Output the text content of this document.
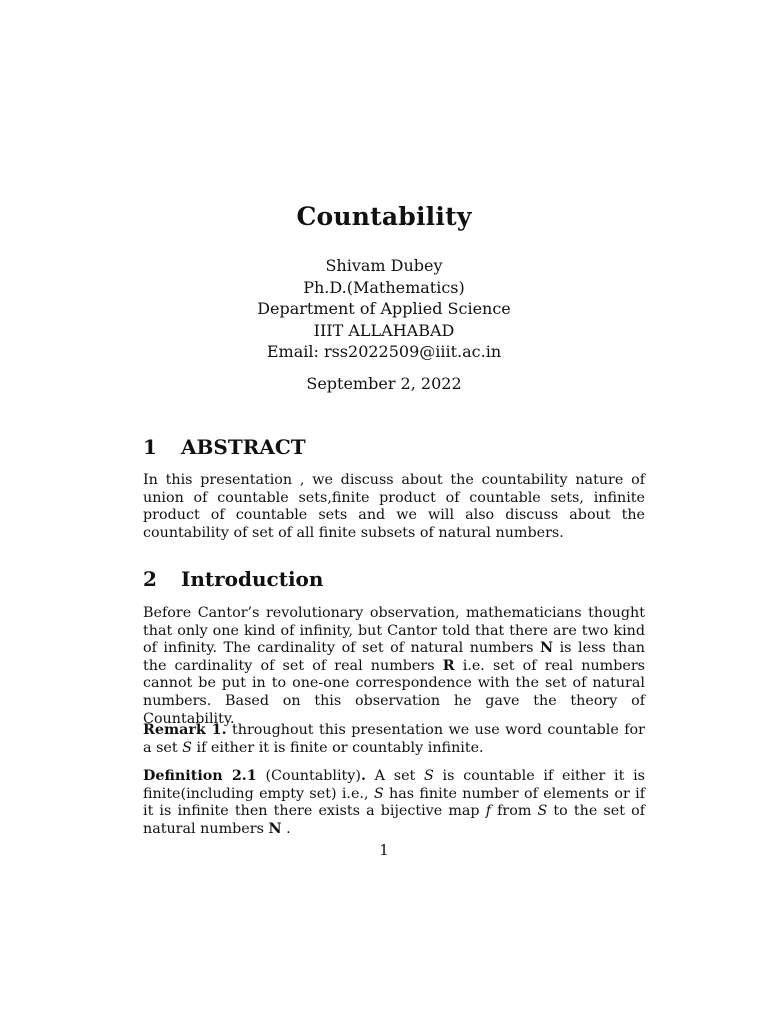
Countability
Shivam Dubey
Ph.D.(Mathematics)
Department of Applied Science
IIIT ALLAHABAD
Email: rss2022509@iiit.ac.in
September 2, 2022
1 ABSTRACT
In this presentation , we discuss about the countability nature of union of countable sets,finite product of countable sets, infinite product of countable sets and we will also discuss about the countability of set of all finite subsets of natural numbers.
2 Introduction
Before Cantor’s revolutionary observation, mathematicians thought that only one kind of infinity, but Cantor told that there are two kind of infinity. The cardinality of set of natural numbers N is less than the cardinality of set of real numbers R i.e. set of real numbers cannot be put in to one-one correspondence with the set of natural numbers. Based on this observation he gave the theory of Countability.
Remark 1. throughout this presentation we use word countable for a set S if either it is finite or countably infinite.
Definition 2.1 (Countablity). A set S is countable if either it is finite(including empty set) i.e., S has finite number of elements or if it is infinite then there exists a bijective map f from S to the set of natural numbers N .
1
